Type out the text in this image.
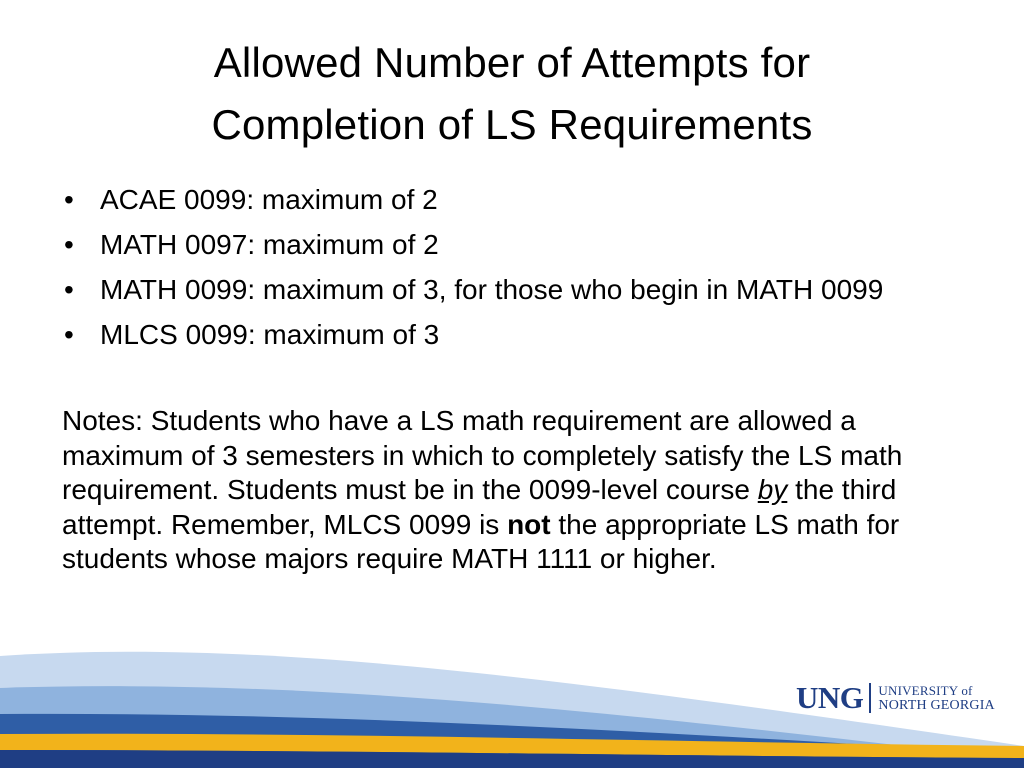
Allowed Number of Attempts for
Completion of LS Requirements
• ACAE 0099: maximum of 2
• MATH 0097: maximum of 2
• MATH 0099: maximum of 3, for those who begin in MATH 0099
• MLCS 0099: maximum of 3

Notes: Students who have a LS math requirement are allowed a maximum of 3 semesters in which to completely satisfy the LS math requirement. Students must be in the 0099-level course by the third attempt. Remember, MLCS 0099 is not the appropriate LS math for students whose majors require MATH 1111 or higher.

UNG UNIVERSITY of
NORTH GEORGIA
